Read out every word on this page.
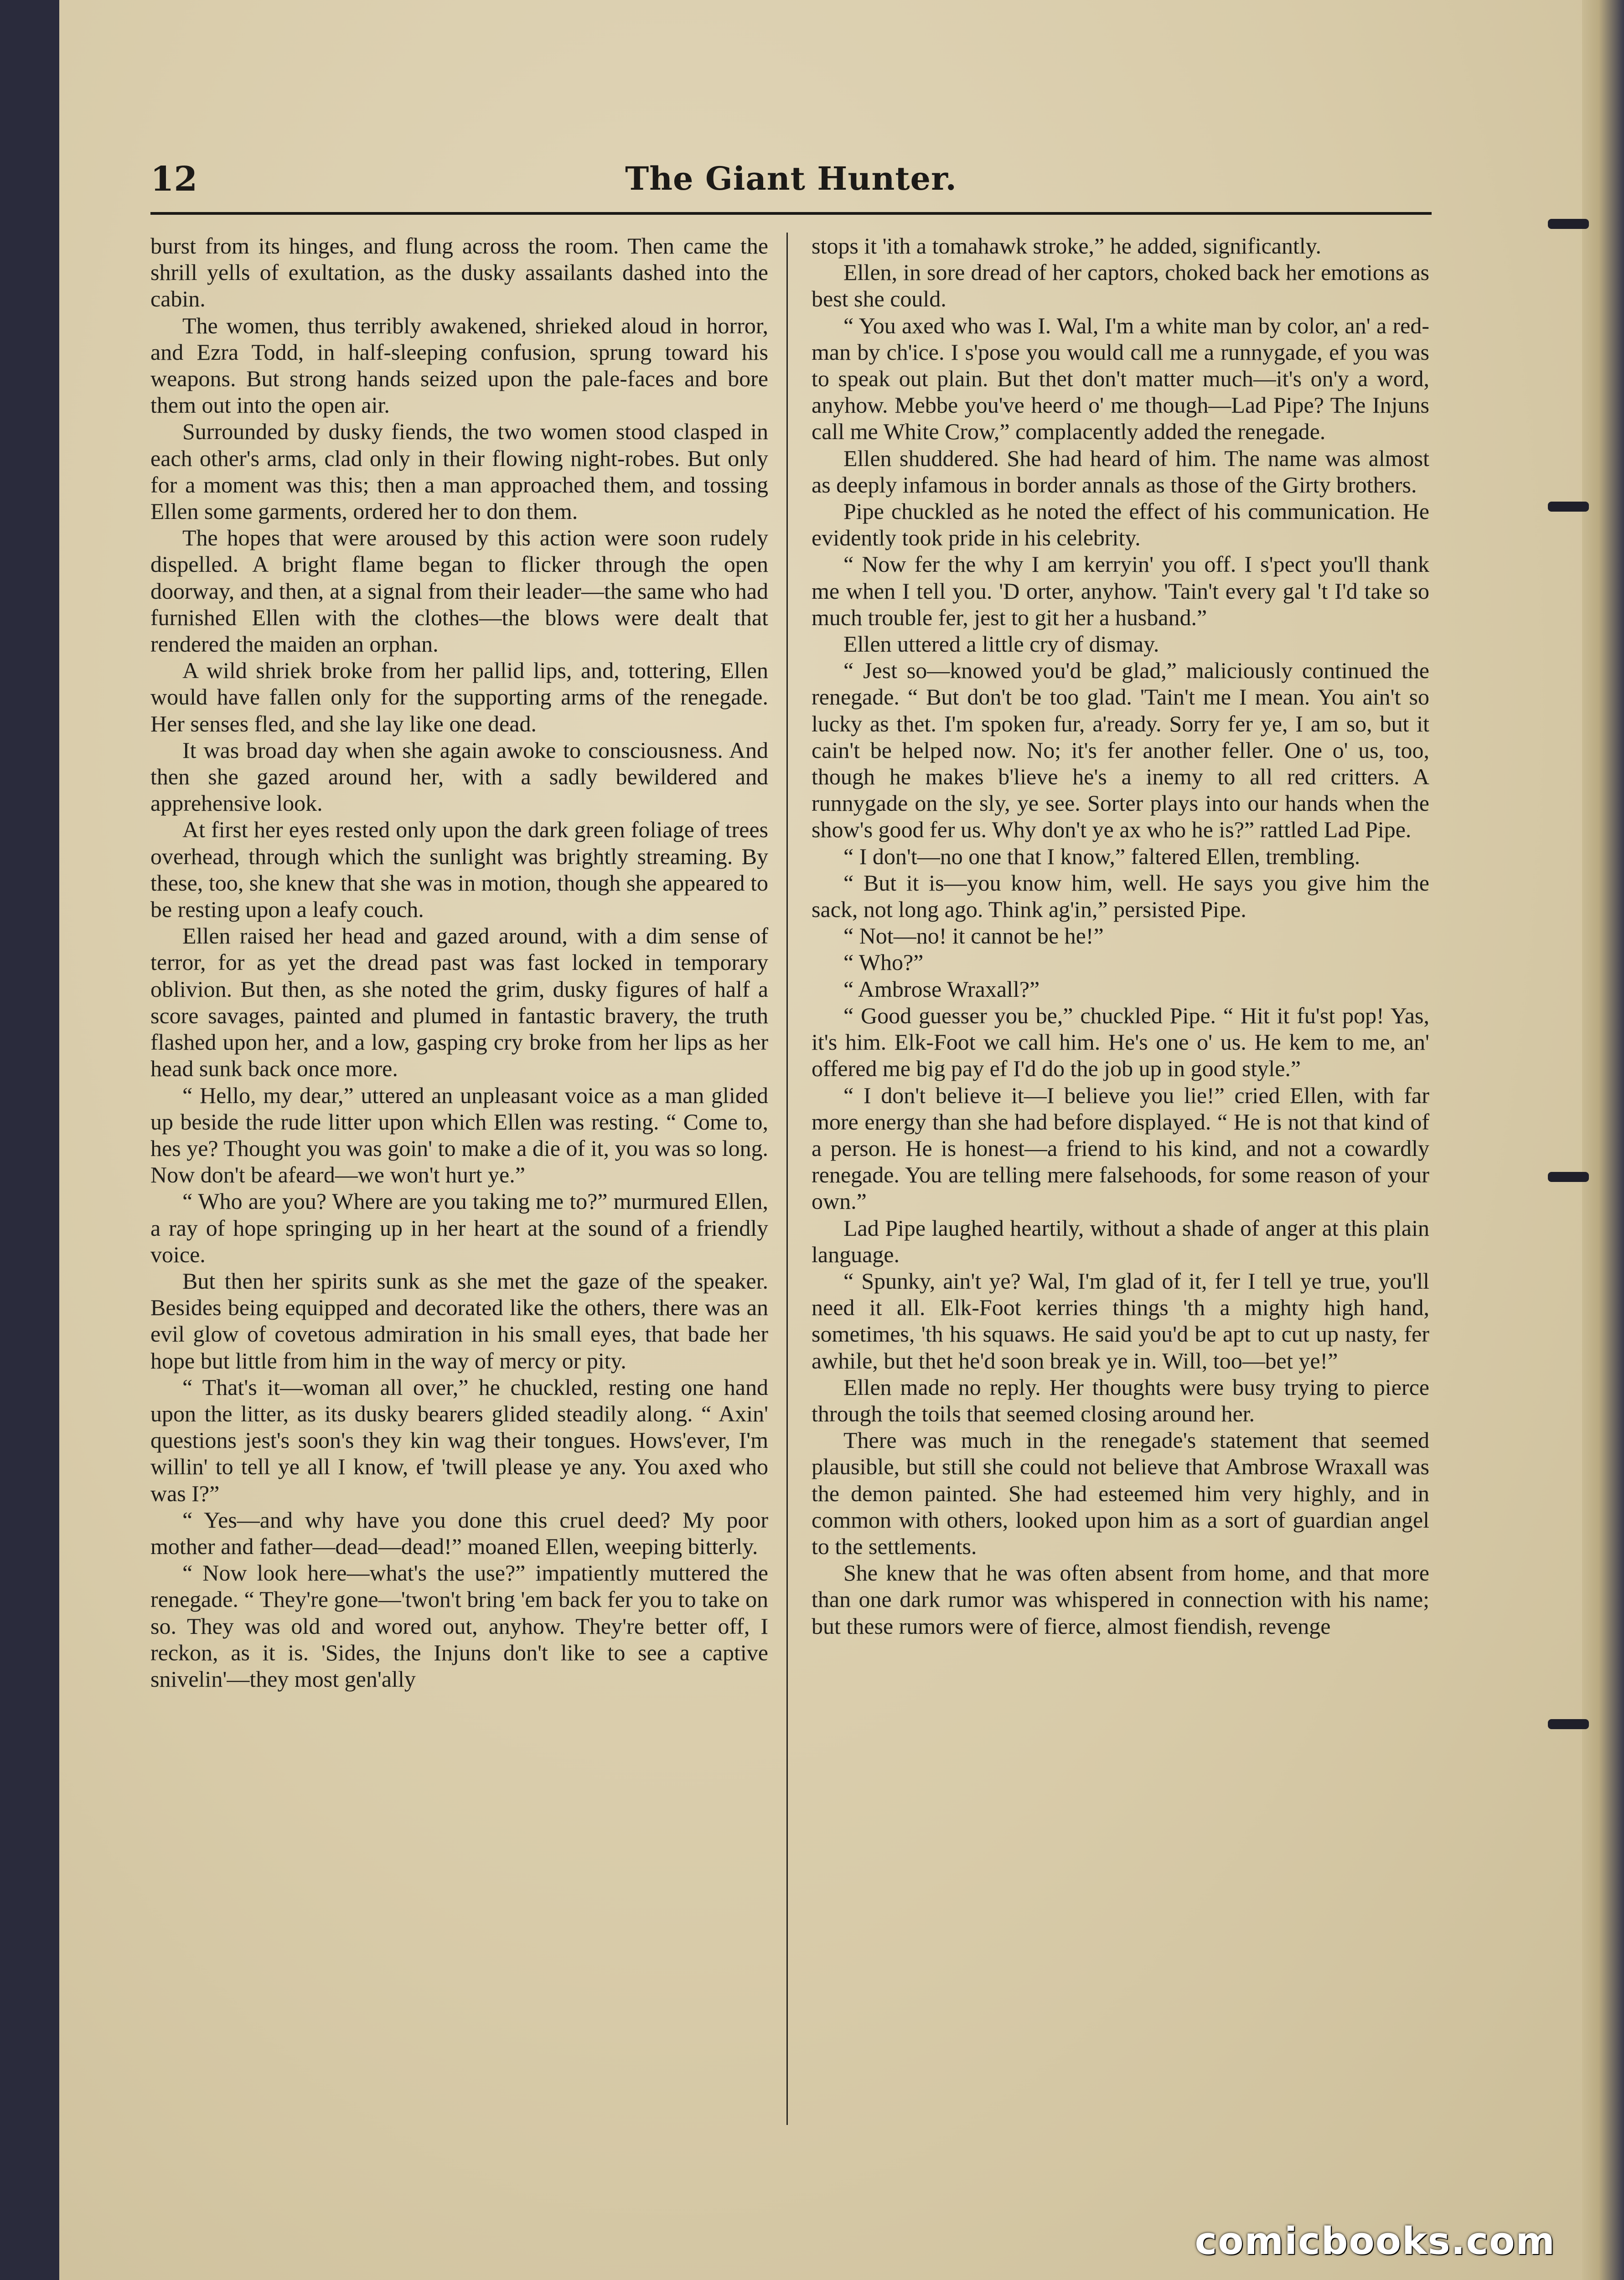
12	The Giant Hunter.

burst from its hinges, and flung across the room. Then came the shrill yells of exultation, as the dusky assailants dashed into the cabin.

The women, thus terribly awakened, shrieked aloud in horror, and Ezra Todd, in half-sleeping confusion, sprung toward his weapons. But strong hands seized upon the pale-faces and bore them out into the open air.

Surrounded by dusky fiends, the two women stood clasped in each other's arms, clad only in their flowing night-robes. But only for a moment was this; then a man approached them, and tossing Ellen some garments, ordered her to don them.

The hopes that were aroused by this action were soon rudely dispelled. A bright flame began to flicker through the open doorway, and then, at a signal from their leader—the same who had furnished Ellen with the clothes—the blows were dealt that rendered the maiden an orphan.

A wild shriek broke from her pallid lips, and, tottering, Ellen would have fallen only for the supporting arms of the renegade. Her senses fled, and she lay like one dead.

It was broad day when she again awoke to consciousness. And then she gazed around her, with a sadly bewildered and apprehensive look.

At first her eyes rested only upon the dark green foliage of trees overhead, through which the sunlight was brightly streaming. By these, too, she knew that she was in motion, though she appeared to be resting upon a leafy couch.

Ellen raised her head and gazed around, with a dim sense of terror, for as yet the dread past was fast locked in temporary oblivion. But then, as she noted the grim, dusky figures of half a score savages, painted and plumed in fantastic bravery, the truth flashed upon her, and a low, gasping cry broke from her lips as her head sunk back once more.

“ Hello, my dear,” uttered an unpleasant voice as a man glided up beside the rude litter upon which Ellen was resting. “ Come to, hes ye? Thought you was goin' to make a die of it, you was so long. Now don't be afeard—we won't hurt ye.”

“ Who are you? Where are you taking me to?” murmured Ellen, a ray of hope springing up in her heart at the sound of a friendly voice.

But then her spirits sunk as she met the gaze of the speaker. Besides being equipped and decorated like the others, there was an evil glow of covetous admiration in his small eyes, that bade her hope but little from him in the way of mercy or pity.

“ That's it—woman all over,” he chuckled, resting one hand upon the litter, as its dusky bearers glided steadily along. “ Axin' questions jest's soon's they kin wag their tongues. Hows'ever, I'm willin' to tell ye all I know, ef 'twill please ye any. You axed who was I?”

“ Yes—and why have you done this cruel deed? My poor mother and father—dead—dead!” moaned Ellen, weeping bitterly.

“ Now look here—what's the use?” impatiently muttered the renegade. “ They're gone—'twon't bring 'em back fer you to take on so. They was old and wored out, anyhow. They're better off, I reckon, as it is. 'Sides, the Injuns don't like to see a captive snivelin'—they most gen'ally

stops it 'ith a tomahawk stroke,” he added, significantly.

Ellen, in sore dread of her captors, choked back her emotions as best she could.

“ You axed who was I. Wal, I'm a white man by color, an' a red-man by ch'ice. I s'pose you would call me a runnygade, ef you was to speak out plain. But thet don't matter much—it's on'y a word, anyhow. Mebbe you've heerd o' me though—Lad Pipe? The Injuns call me White Crow,” complacently added the renegade.

Ellen shuddered. She had heard of him. The name was almost as deeply infamous in border annals as those of the Girty brothers.

Pipe chuckled as he noted the effect of his communication. He evidently took pride in his celebrity.

“ Now fer the why I am kerryin' you off. I s'pect you'll thank me when I tell you. 'D orter, anyhow. 'Tain't every gal 't I'd take so much trouble fer, jest to git her a husband.”

Ellen uttered a little cry of dismay.

“ Jest so—knowed you'd be glad,” maliciously continued the renegade. “ But don't be too glad. 'Tain't me I mean. You ain't so lucky as thet. I'm spoken fur, a'ready. Sorry fer ye, I am so, but it cain't be helped now. No; it's fer another feller. One o' us, too, though he makes b'lieve he's a inemy to all red critters. A runnygade on the sly, ye see. Sorter plays into our hands when the show's good fer us. Why don't ye ax who he is?” rattled Lad Pipe.

“ I don't—no one that I know,” faltered Ellen, trembling.

“ But it is—you know him, well. He says you give him the sack, not long ago. Think ag'in,” persisted Pipe.

“ Not—no! it cannot be he!”

“ Who?”

“ Ambrose Wraxall?”

“ Good guesser you be,” chuckled Pipe. “ Hit it fu'st pop! Yas, it's him. Elk-Foot we call him. He's one o' us. He kem to me, an' offered me big pay ef I'd do the job up in good style.”

“ I don't believe it—I believe you lie!” cried Ellen, with far more energy than she had before displayed. “ He is not that kind of a person. He is honest—a friend to his kind, and not a cowardly renegade. You are telling mere falsehoods, for some reason of your own.”

Lad Pipe laughed heartily, without a shade of anger at this plain language.

“ Spunky, ain't ye? Wal, I'm glad of it, fer I tell ye true, you'll need it all. Elk-Foot kerries things 'th a mighty high hand, sometimes, 'th his squaws. He said you'd be apt to cut up nasty, fer awhile, but thet he'd soon break ye in. Will, too—bet ye!”

Ellen made no reply. Her thoughts were busy trying to pierce through the toils that seemed closing around her.

There was much in the renegade's statement that seemed plausible, but still she could not believe that Ambrose Wraxall was the demon painted. She had esteemed him very highly, and in common with others, looked upon him as a sort of guardian angel to the settlements.

She knew that he was often absent from home, and that more than one dark rumor was whispered in connection with his name; but these rumors were of fierce, almost fiendish, revenge

comicbooks.com
